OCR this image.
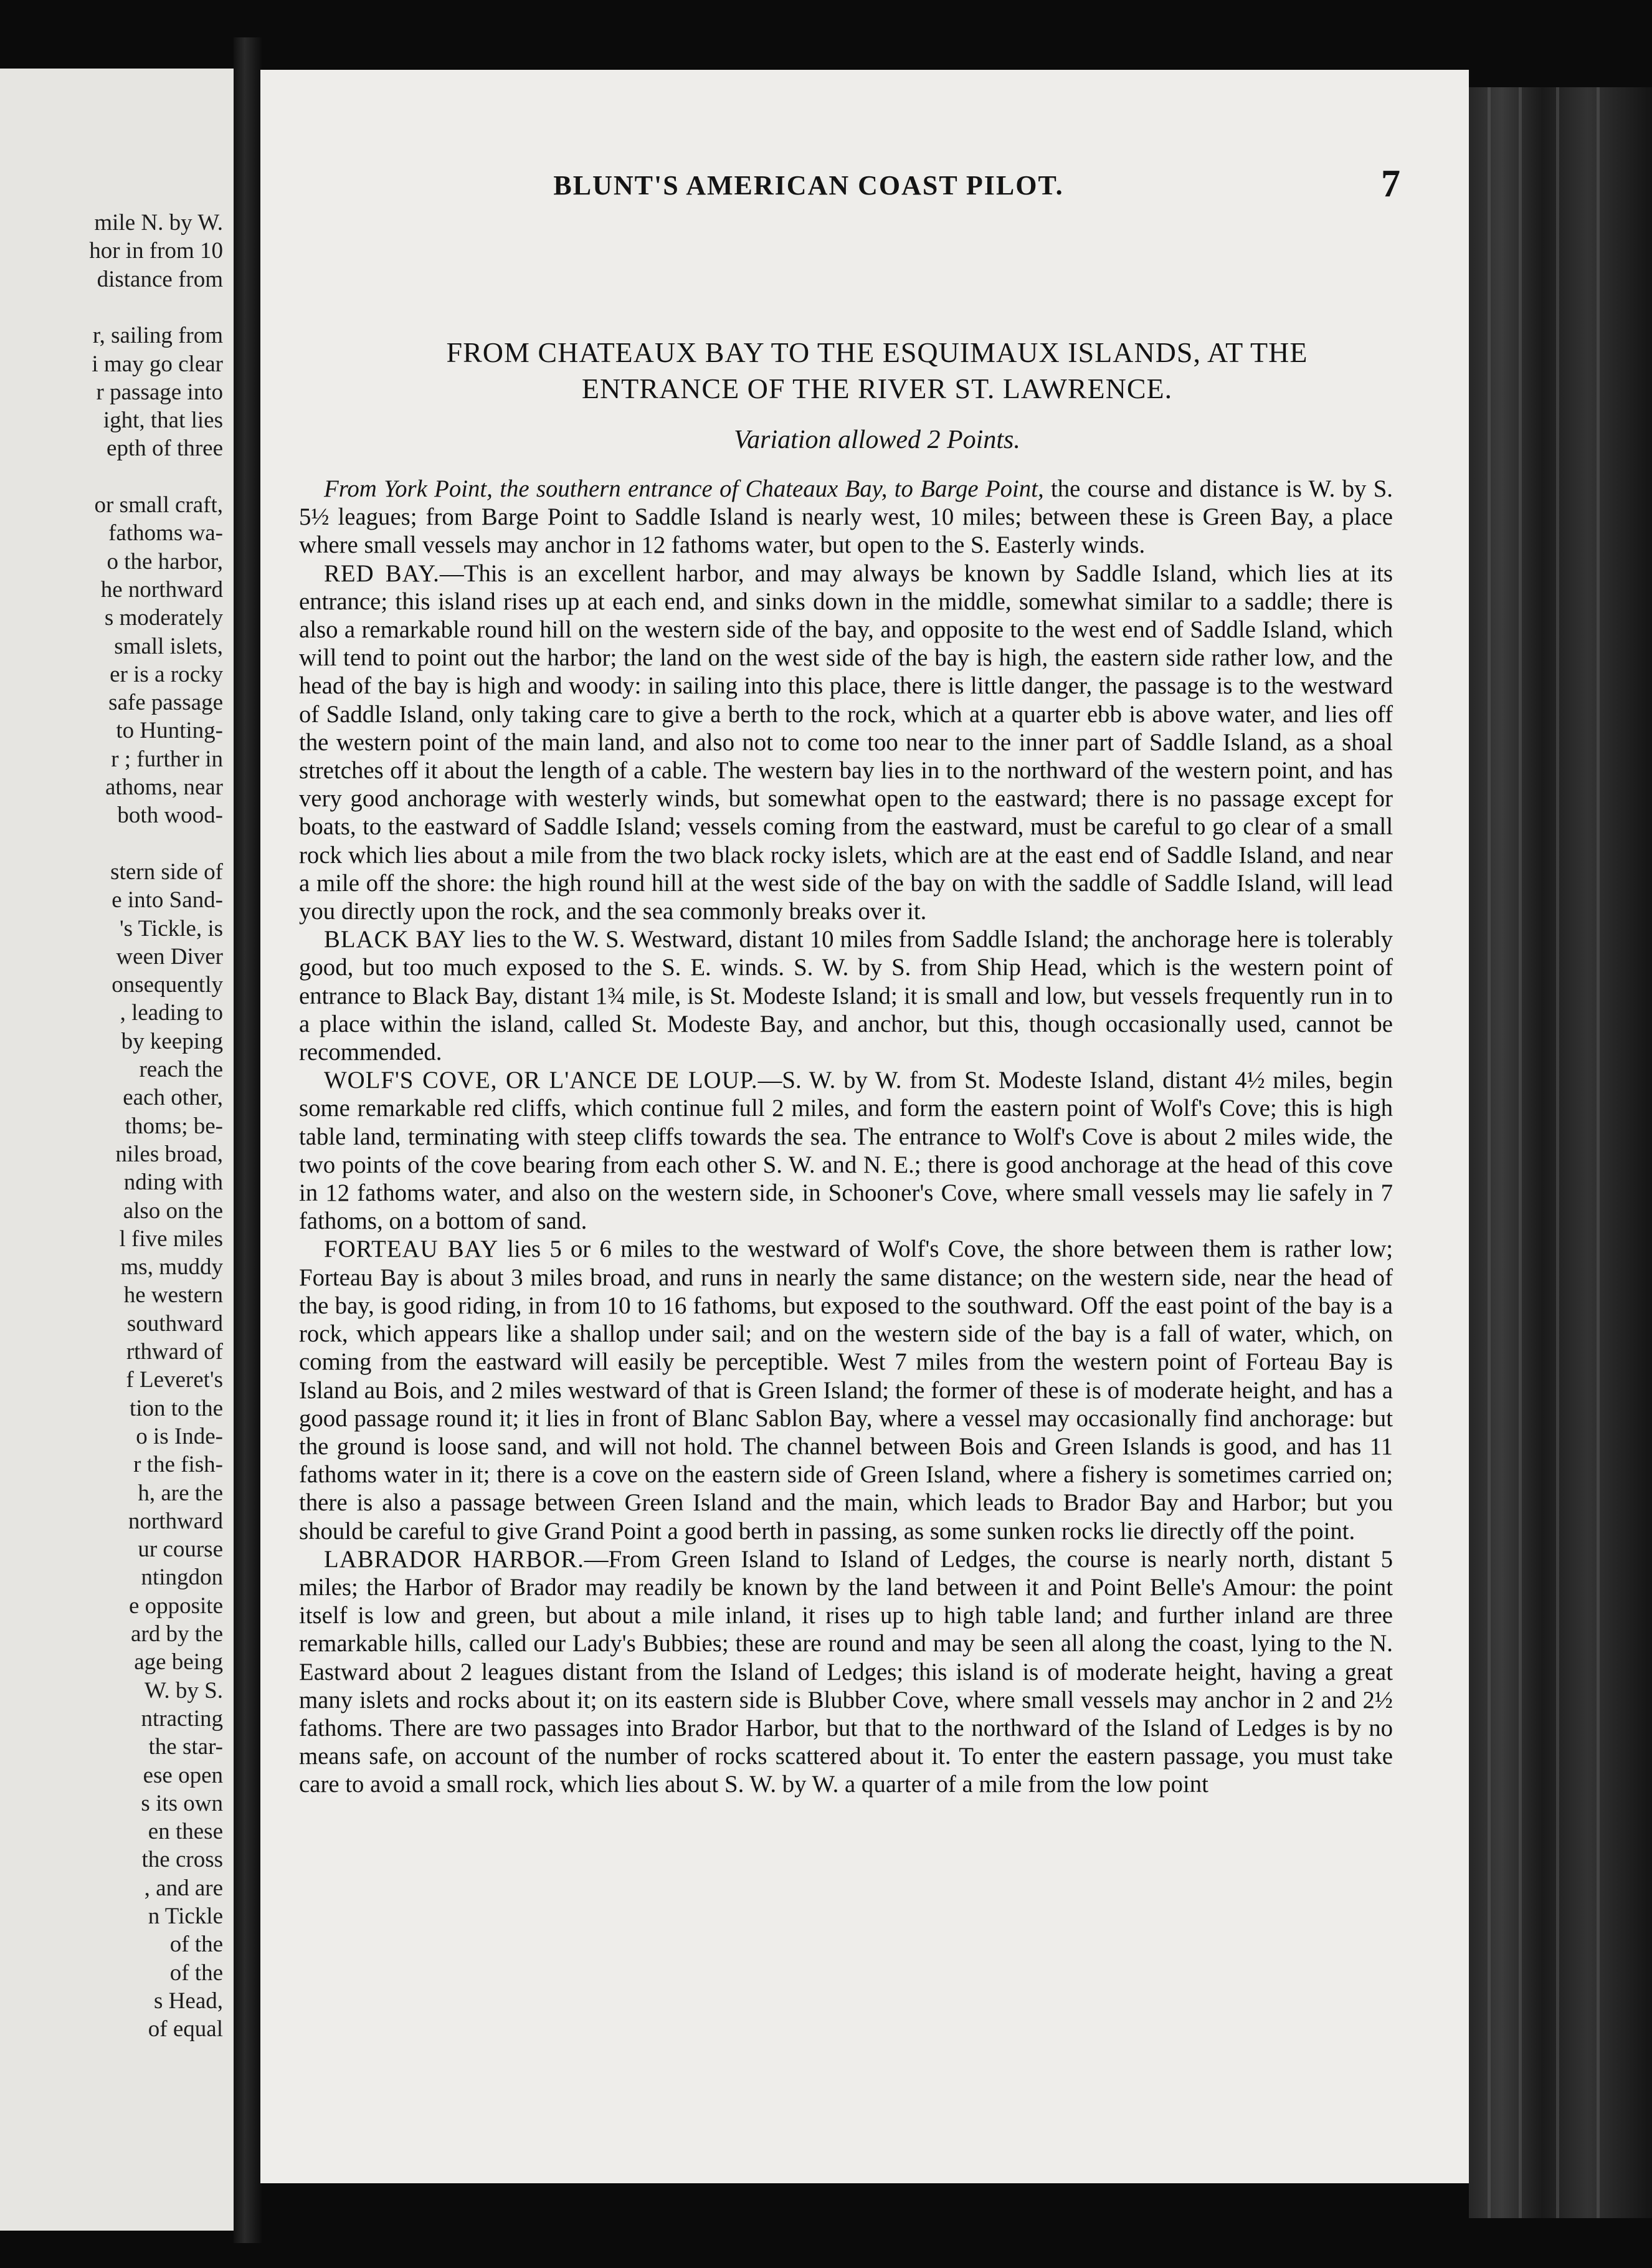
mile N. by W.
hor in from 10
distance from
r, sailing from
i may go clear
r passage into
ight, that lies
epth of three
or small craft,
fathoms wa-
o the harbor,
he northward
s moderately
small islets,
er is a rocky
safe passage
to Hunting-
r ; further in
athoms, near
both wood-
stern side of
e into Sand-
's Tickle, is
ween Diver
onsequently
, leading to
by keeping
reach the
each other,
thoms; be-
niles broad,
nding with
also on the
l five miles
ms, muddy
he western
southward
rthward of
f Leveret's
tion to the
o is Inde-
r the fish-
h, are the
northward
ur course
ntingdon
e opposite
ard by the
age being
W. by S.
ntracting
the star-
ese open
s its own
en these
the cross
, and are
n Tickle
of the
of the
s Head,
of equal
BLUNT'S AMERICAN COAST PILOT.	7
FROM CHATEAUX BAY TO THE ESQUIMAUX ISLANDS, AT THE
ENTRANCE OF THE RIVER ST. LAWRENCE.
Variation allowed 2 Points.

From York Point, the southern entrance of Chateaux Bay, to Barge Point, the course and distance is W. by S. 5½ leagues; from Barge Point to Saddle Island is nearly west, 10 miles; between these is Green Bay, a place where small vessels may anchor in 12 fathoms water, but open to the S. Easterly winds.

RED BAY.—This is an excellent harbor, and may always be known by Saddle Island, which lies at its entrance; this island rises up at each end, and sinks down in the middle, somewhat similar to a saddle; there is also a remarkable round hill on the western side of the bay, and opposite to the west end of Saddle Island, which will tend to point out the harbor; the land on the west side of the bay is high, the eastern side rather low, and the head of the bay is high and woody: in sailing into this place, there is little danger, the passage is to the westward of Saddle Island, only taking care to give a berth to the rock, which at a quarter ebb is above water, and lies off the western point of the main land, and also not to come too near to the inner part of Saddle Island, as a shoal stretches off it about the length of a cable. The western bay lies in to the northward of the western point, and has very good anchorage with westerly winds, but somewhat open to the eastward; there is no passage except for boats, to the eastward of Saddle Island; vessels coming from the eastward, must be careful to go clear of a small rock which lies about a mile from the two black rocky islets, which are at the east end of Saddle Island, and near a mile off the shore: the high round hill at the west side of the bay on with the saddle of Saddle Island, will lead you directly upon the rock, and the sea commonly breaks over it.

BLACK BAY lies to the W. S. Westward, distant 10 miles from Saddle Island; the anchorage here is tolerably good, but too much exposed to the S. E. winds. S. W. by S. from Ship Head, which is the western point of entrance to Black Bay, distant 1¾ mile, is St. Modeste Island; it is small and low, but vessels frequently run in to a place within the island, called St. Modeste Bay, and anchor, but this, though occasionally used, cannot be recommended.

WOLF'S COVE, OR L'ANCE DE LOUP.—S. W. by W. from St. Modeste Island, distant 4½ miles, begin some remarkable red cliffs, which continue full 2 miles, and form the eastern point of Wolf's Cove; this is high table land, terminating with steep cliffs towards the sea. The entrance to Wolf's Cove is about 2 miles wide, the two points of the cove bearing from each other S. W. and N. E.; there is good anchorage at the head of this cove in 12 fathoms water, and also on the western side, in Schooner's Cove, where small vessels may lie safely in 7 fathoms, on a bottom of sand.

FORTEAU BAY lies 5 or 6 miles to the westward of Wolf's Cove, the shore between them is rather low; Forteau Bay is about 3 miles broad, and runs in nearly the same distance; on the western side, near the head of the bay, is good riding, in from 10 to 16 fathoms, but exposed to the southward. Off the east point of the bay is a rock, which appears like a shallop under sail; and on the western side of the bay is a fall of water, which, on coming from the eastward will easily be perceptible. West 7 miles from the western point of Forteau Bay is Island au Bois, and 2 miles westward of that is Green Island; the former of these is of moderate height, and has a good passage round it; it lies in front of Blanc Sablon Bay, where a vessel may occasionally find anchorage: but the ground is loose sand, and will not hold. The channel between Bois and Green Islands is good, and has 11 fathoms water in it; there is a cove on the eastern side of Green Island, where a fishery is sometimes carried on; there is also a passage between Green Island and the main, which leads to Brador Bay and Harbor; but you should be careful to give Grand Point a good berth in passing, as some sunken rocks lie directly off the point.

LABRADOR HARBOR.—From Green Island to Island of Ledges, the course is nearly north, distant 5 miles; the Harbor of Brador may readily be known by the land between it and Point Belle's Amour: the point itself is low and green, but about a mile inland, it rises up to high table land; and further inland are three remarkable hills, called our Lady's Bubbies; these are round and may be seen all along the coast, lying to the N. Eastward about 2 leagues distant from the Island of Ledges; this island is of moderate height, having a great many islets and rocks about it; on its eastern side is Blubber Cove, where small vessels may anchor in 2 and 2½ fathoms. There are two passages into Brador Harbor, but that to the northward of the Island of Ledges is by no means safe, on account of the number of rocks scattered about it. To enter the eastern passage, you must take care to avoid a small rock, which lies about S. W. by W. a quarter of a mile from the low point
